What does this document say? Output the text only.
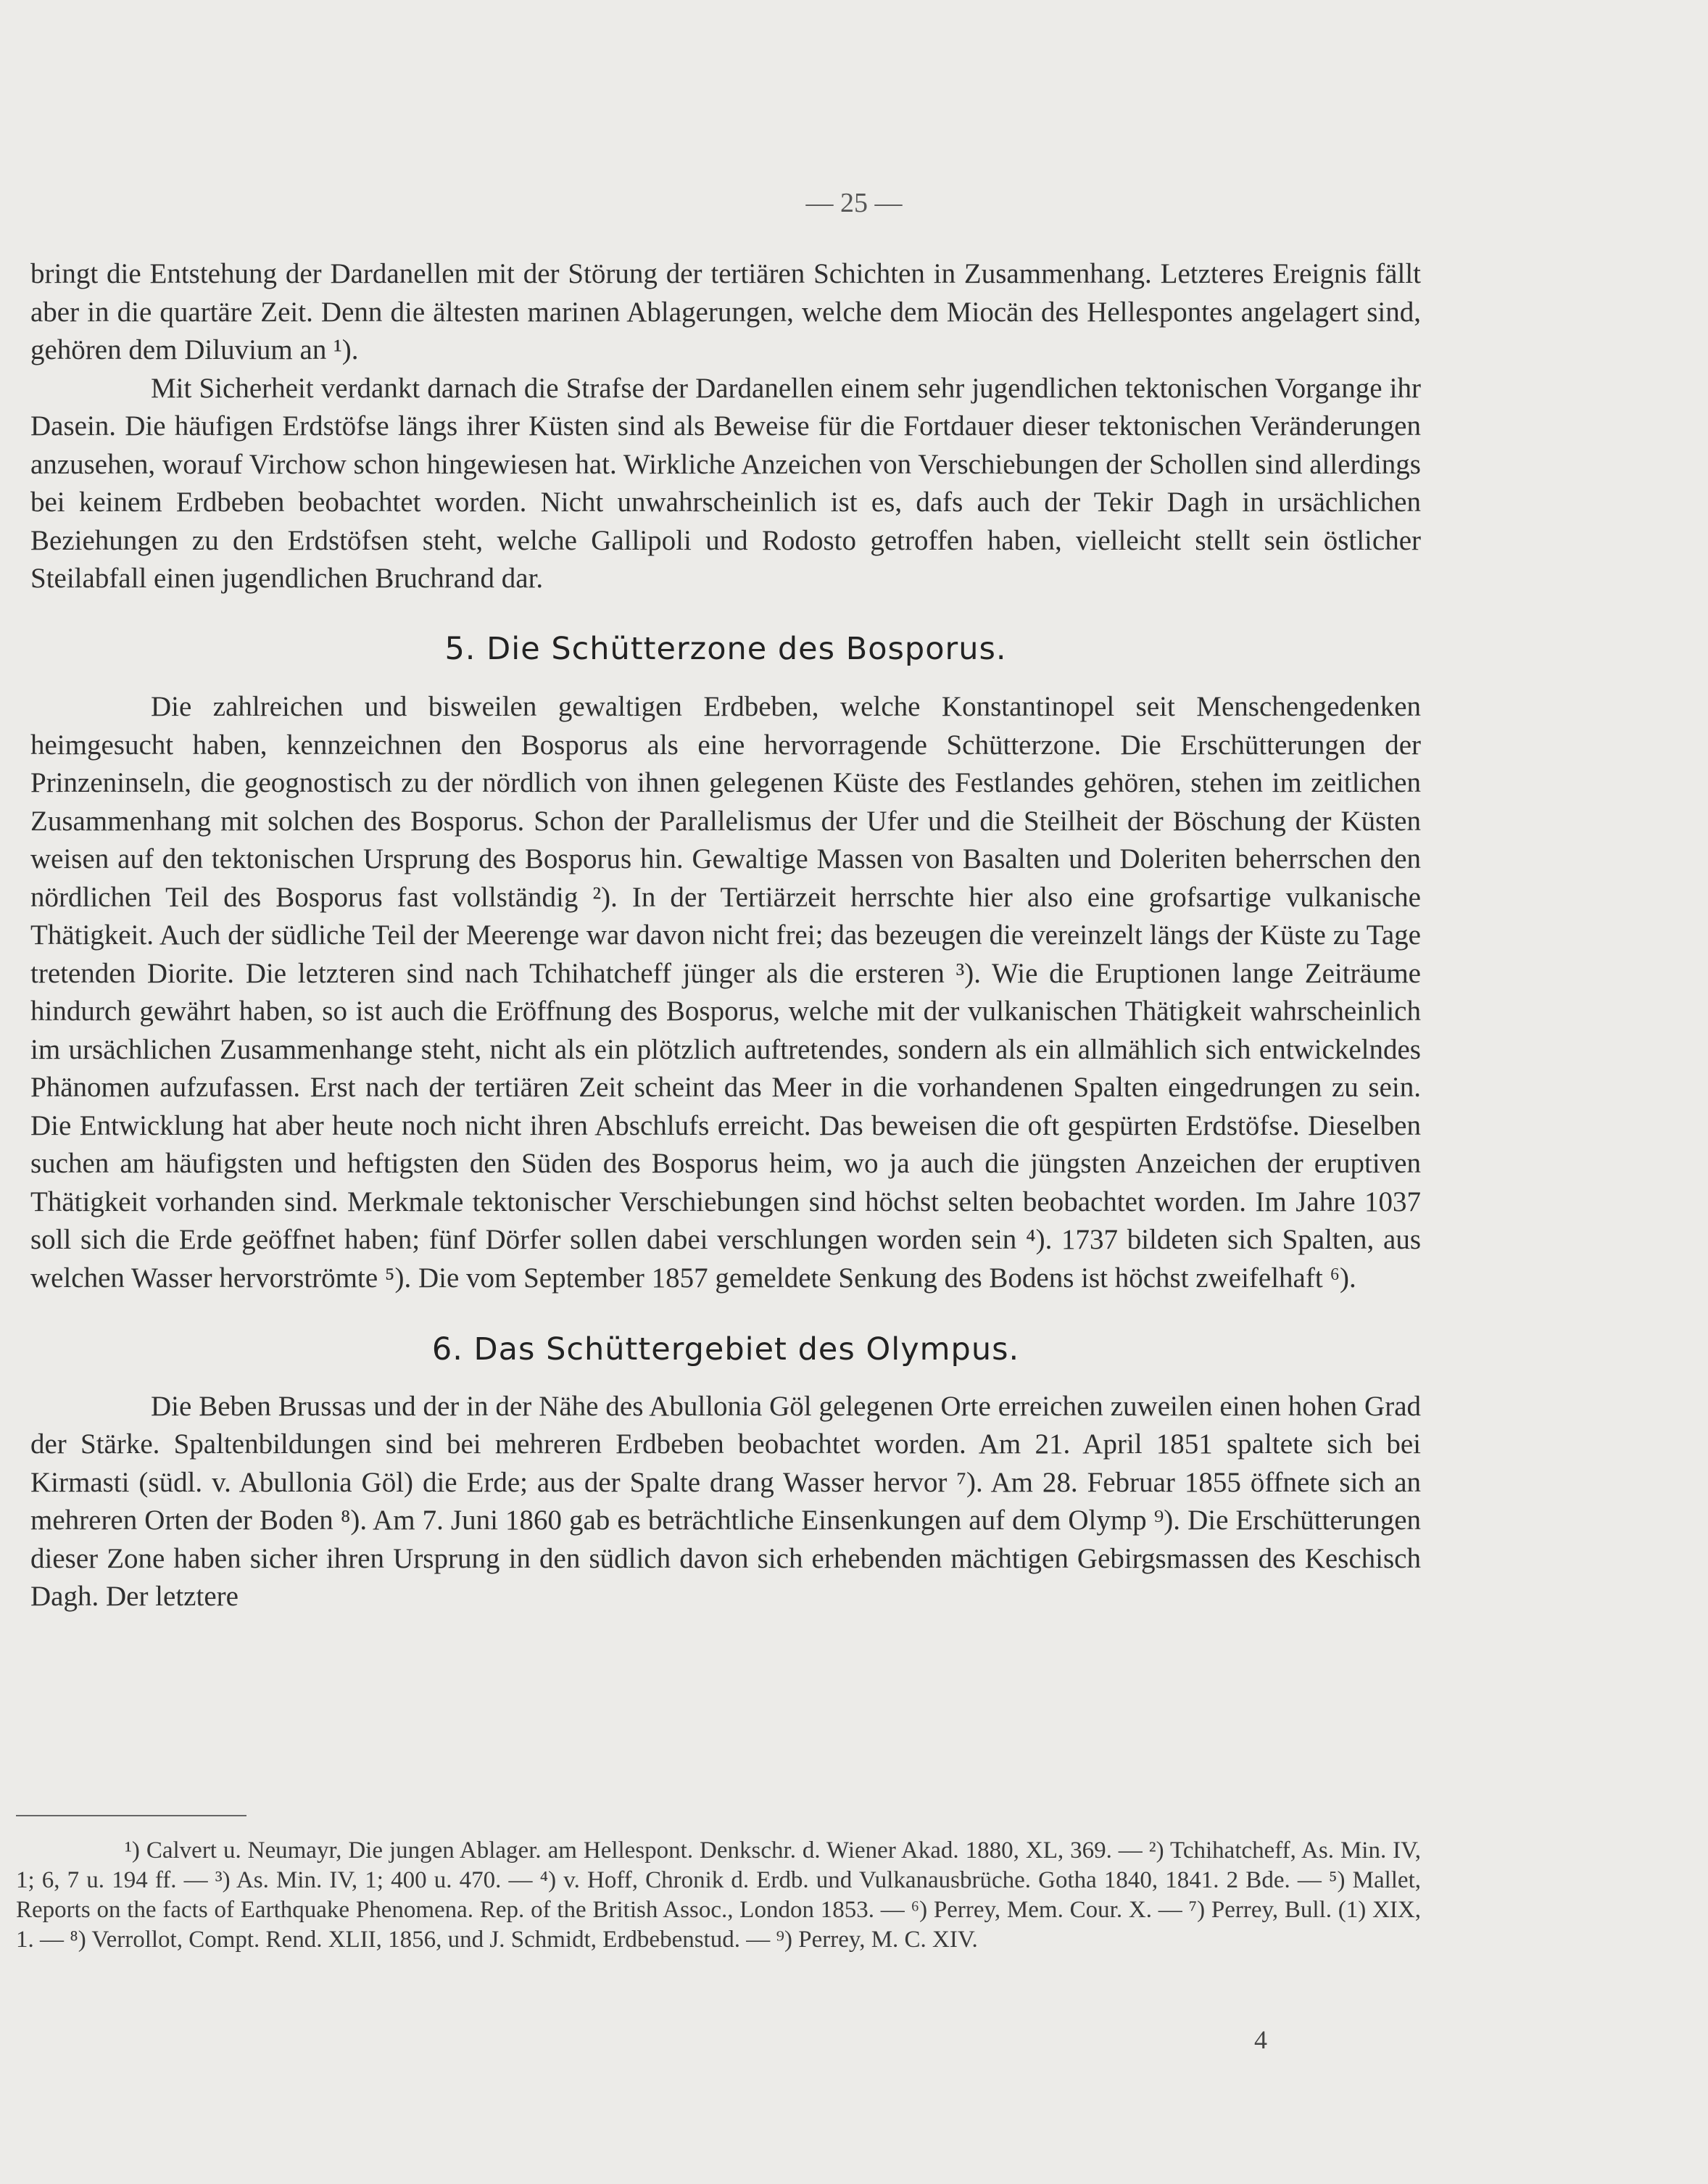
— 25 —

bringt die Entstehung der Dardanellen mit der Störung der tertiären Schichten in Zusammenhang. Letzteres Ereignis fällt aber in die quartäre Zeit. Denn die ältesten marinen Ablagerungen, welche dem Miocän des Hellespontes angelagert sind, gehören dem Diluvium an ¹).

Mit Sicherheit verdankt darnach die Strafse der Dardanellen einem sehr jugendlichen tektonischen Vorgange ihr Dasein. Die häufigen Erdstöfse längs ihrer Küsten sind als Beweise für die Fortdauer dieser tektonischen Veränderungen anzusehen, worauf Virchow schon hingewiesen hat. Wirkliche Anzeichen von Verschiebungen der Schollen sind allerdings bei keinem Erdbeben beobachtet worden. Nicht unwahrscheinlich ist es, dafs auch der Tekir Dagh in ursächlichen Beziehungen zu den Erdstöfsen steht, welche Gallipoli und Rodosto getroffen haben, vielleicht stellt sein östlicher Steilabfall einen jugendlichen Bruchrand dar.

5. Die Schütterzone des Bosporus.

Die zahlreichen und bisweilen gewaltigen Erdbeben, welche Konstantinopel seit Menschengedenken heimgesucht haben, kennzeichnen den Bosporus als eine hervorragende Schütterzone. Die Erschütterungen der Prinzeninseln, die geognostisch zu der nördlich von ihnen gelegenen Küste des Festlandes gehören, stehen im zeitlichen Zusammenhang mit solchen des Bosporus. Schon der Parallelismus der Ufer und die Steilheit der Böschung der Küsten weisen auf den tektonischen Ursprung des Bosporus hin. Gewaltige Massen von Basalten und Doleriten beherrschen den nördlichen Teil des Bosporus fast vollständig ²). In der Tertiärzeit herrschte hier also eine grofsartige vulkanische Thätigkeit. Auch der südliche Teil der Meerenge war davon nicht frei; das bezeugen die vereinzelt längs der Küste zu Tage tretenden Diorite. Die letzteren sind nach Tchihatcheff jünger als die ersteren ³). Wie die Eruptionen lange Zeiträume hindurch gewährt haben, so ist auch die Eröffnung des Bosporus, welche mit der vulkanischen Thätigkeit wahrscheinlich im ursächlichen Zusammenhange steht, nicht als ein plötzlich auftretendes, sondern als ein allmählich sich entwickelndes Phänomen aufzufassen. Erst nach der tertiären Zeit scheint das Meer in die vorhandenen Spalten eingedrungen zu sein. Die Entwicklung hat aber heute noch nicht ihren Abschlufs erreicht. Das beweisen die oft gespürten Erdstöfse. Dieselben suchen am häufigsten und heftigsten den Süden des Bosporus heim, wo ja auch die jüngsten Anzeichen der eruptiven Thätigkeit vorhanden sind. Merkmale tektonischer Verschiebungen sind höchst selten beobachtet worden. Im Jahre 1037 soll sich die Erde geöffnet haben; fünf Dörfer sollen dabei verschlungen worden sein ⁴). 1737 bildeten sich Spalten, aus welchen Wasser hervorströmte ⁵). Die vom September 1857 gemeldete Senkung des Bodens ist höchst zweifelhaft ⁶).

6. Das Schüttergebiet des Olympus.

Die Beben Brussas und der in der Nähe des Abullonia Göl gelegenen Orte erreichen zuweilen einen hohen Grad der Stärke. Spaltenbildungen sind bei mehreren Erdbeben beobachtet worden. Am 21. April 1851 spaltete sich bei Kirmasti (südl. v. Abullonia Göl) die Erde; aus der Spalte drang Wasser hervor ⁷). Am 28. Februar 1855 öffnete sich an mehreren Orten der Boden ⁸). Am 7. Juni 1860 gab es beträchtliche Einsenkungen auf dem Olymp ⁹). Die Erschütterungen dieser Zone haben sicher ihren Ursprung in den südlich davon sich erhebenden mächtigen Gebirgsmassen des Keschisch Dagh. Der letztere

¹) Calvert u. Neumayr, Die jungen Ablager. am Hellespont. Denkschr. d. Wiener Akad. 1880, XL, 369. — ²) Tchihatcheff, As. Min. IV, 1; 6, 7 u. 194 ff. — ³) As. Min. IV, 1; 400 u. 470. — ⁴) v. Hoff, Chronik d. Erdb. und Vulkanausbrüche. Gotha 1840, 1841. 2 Bde. — ⁵) Mallet, Reports on the facts of Earthquake Phenomena. Rep. of the British Assoc., London 1853. — ⁶) Perrey, Mem. Cour. X. — ⁷) Perrey, Bull. (1) XIX, 1. — ⁸) Verrollot, Compt. Rend. XLII, 1856, und J. Schmidt, Erdbebenstud. — ⁹) Perrey, M. C. XIV.

4
